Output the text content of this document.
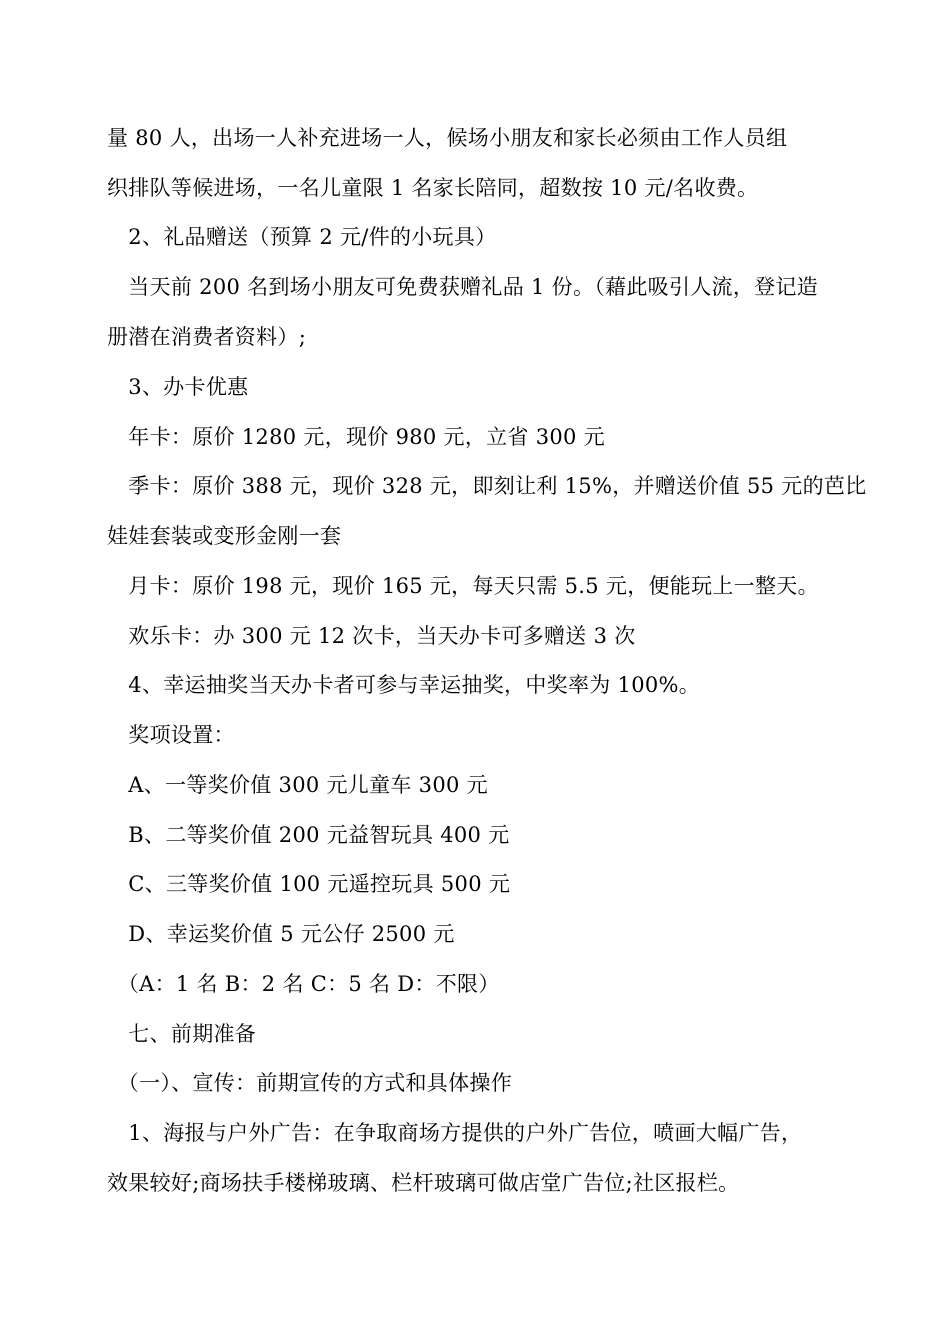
量 80 人，出场一人补充进场一人，候场小朋友和家长必须由工作人员组
织排队等候进场，一名儿童限 1 名家长陪同，超数按 10 元/名收费。
　2、礼品赠送（预算 2 元/件的小玩具）
　当天前 200 名到场小朋友可免费获赠礼品 1 份。（藉此吸引人流，登记造
册潜在消费者资料）;
　3、办卡优惠
　年卡：原价 1280 元，现价 980 元，立省 300 元
　季卡：原价 388 元，现价 328 元，即刻让利 15%，并赠送价值 55 元的芭比
娃娃套装或变形金刚一套
　月卡：原价 198 元，现价 165 元，每天只需 5.5 元，便能玩上一整天。
　欢乐卡：办 300 元 12 次卡，当天办卡可多赠送 3 次
　4、幸运抽奖当天办卡者可参与幸运抽奖，中奖率为 100%。
　奖项设置：
　A、一等奖价值 300 元儿童车 300 元
　B、二等奖价值 200 元益智玩具 400 元
　C、三等奖价值 100 元遥控玩具 500 元
　D、幸运奖价值 5 元公仔 2500 元
　（A：1 名 B：2 名 C：5 名 D：不限）
　七、前期准备
　（一）、宣传：前期宣传的方式和具体操作
　1、海报与户外广告：在争取商场方提供的户外广告位，喷画大幅广告，
效果较好;商场扶手楼梯玻璃、栏杆玻璃可做店堂广告位;社区报栏。
